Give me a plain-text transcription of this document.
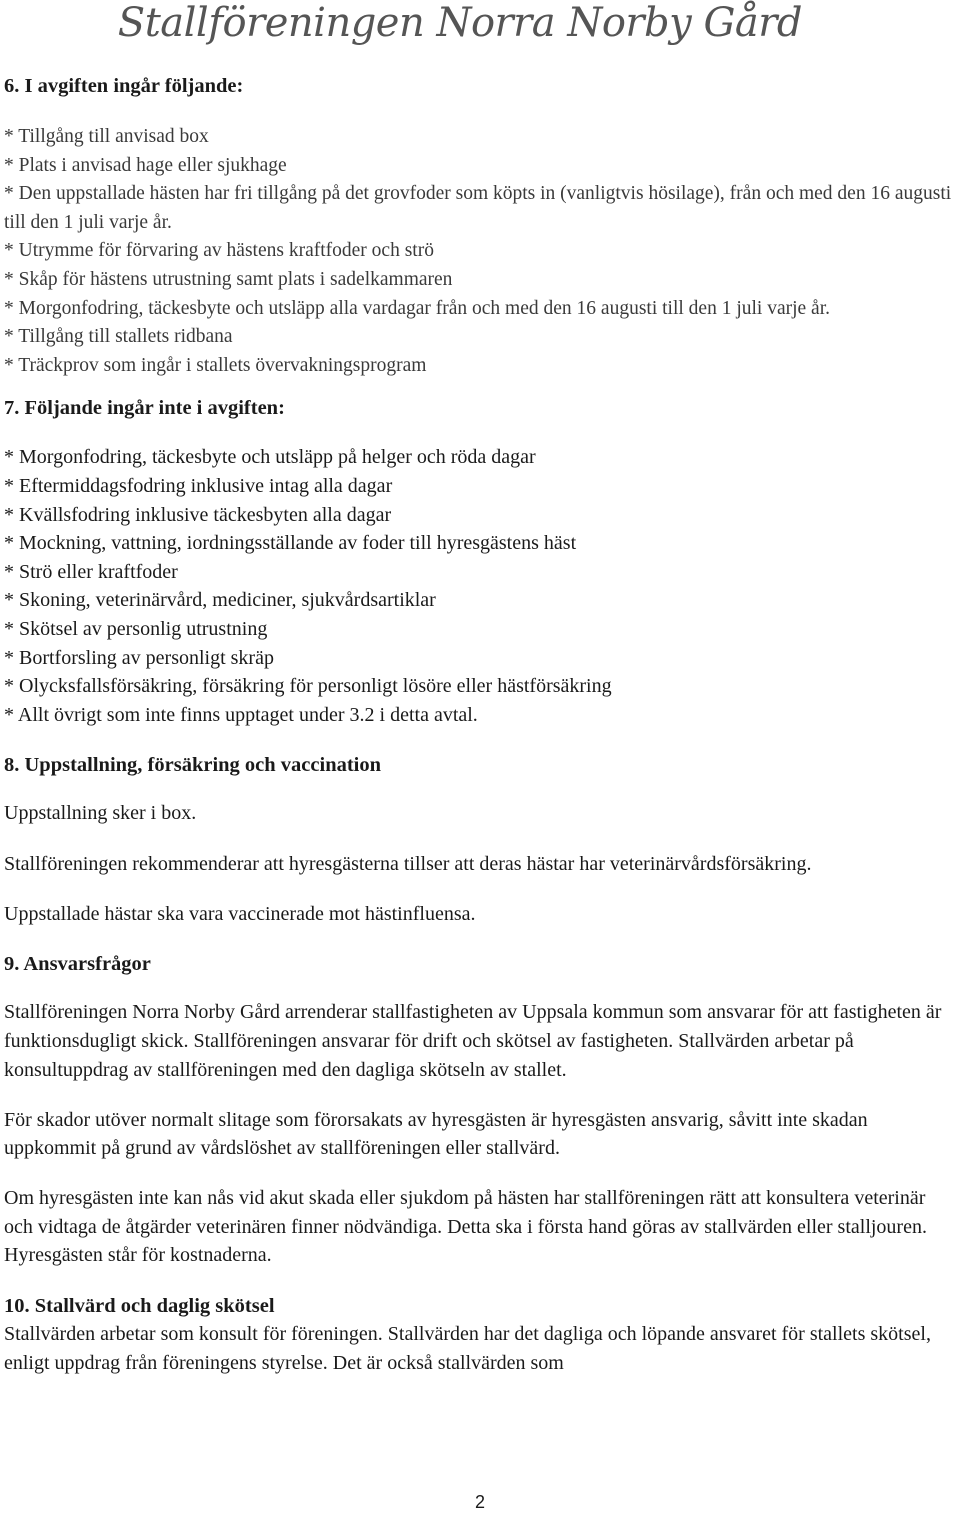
Stallföreningen Norra Norby Gård

6. I avgiften ingår följande:

* Tillgång till anvisad box

* Plats i anvisad hage eller sjukhage

* Den uppstallade hästen har fri tillgång på det grovfoder som köpts in (vanligtvis hösilage), från och med den 16 augusti till den 1 juli varje år.

* Utrymme för förvaring av hästens kraftfoder och strö

* Skåp för hästens utrustning samt plats i sadelkammaren

* Morgonfodring, täckesbyte och utsläpp alla vardagar från och med den 16 augusti till den 1 juli varje år.

* Tillgång till stallets ridbana

* Träckprov som ingår i stallets övervakningsprogram

7. Följande ingår inte i avgiften:

* Morgonfodring, täckesbyte och utsläpp på helger och röda dagar

* Eftermiddagsfodring inklusive intag alla dagar

* Kvällsfodring inklusive täckesbyten alla dagar

* Mockning, vattning, iordningsställande av foder till hyresgästens häst

* Strö eller kraftfoder

* Skoning, veterinärvård, mediciner, sjukvårdsartiklar

* Skötsel av personlig utrustning

* Bortforsling av personligt skräp

* Olycksfallsförsäkring, försäkring för personligt lösöre eller hästförsäkring

* Allt övrigt som inte finns upptaget under 3.2 i detta avtal.

8. Uppstallning, försäkring och vaccination

Uppstallning sker i box.

Stallföreningen rekommenderar att hyresgästerna tillser att deras hästar har veterinärvårdsförsäkring.

Uppstallade hästar ska vara vaccinerade mot hästinfluensa.

9. Ansvarsfrågor

Stallföreningen Norra Norby Gård arrenderar stallfastigheten av Uppsala kommun som ansvarar för att fastigheten är funktionsdugligt skick. Stallföreningen ansvarar för drift och skötsel av fastigheten. Stallvärden arbetar på konsultuppdrag av stallföreningen med den dagliga skötseln av stallet.

För skador utöver normalt slitage som förorsakats av hyresgästen är hyresgästen ansvarig, såvitt inte skadan uppkommit på grund av vårdslöshet av stallföreningen eller stallvärd.

Om hyresgästen inte kan nås vid akut skada eller sjukdom på hästen har stallföreningen rätt att konsultera veterinär och vidtaga de åtgärder veterinären finner nödvändiga. Detta ska i första hand göras av stallvärden eller stalljouren. Hyresgästen står för kostnaderna.

10. Stallvärd och daglig skötsel

Stallvärden arbetar som konsult för föreningen. Stallvärden har det dagliga och löpande ansvaret för stallets skötsel, enligt uppdrag från föreningens styrelse. Det är också stallvärden som

2
